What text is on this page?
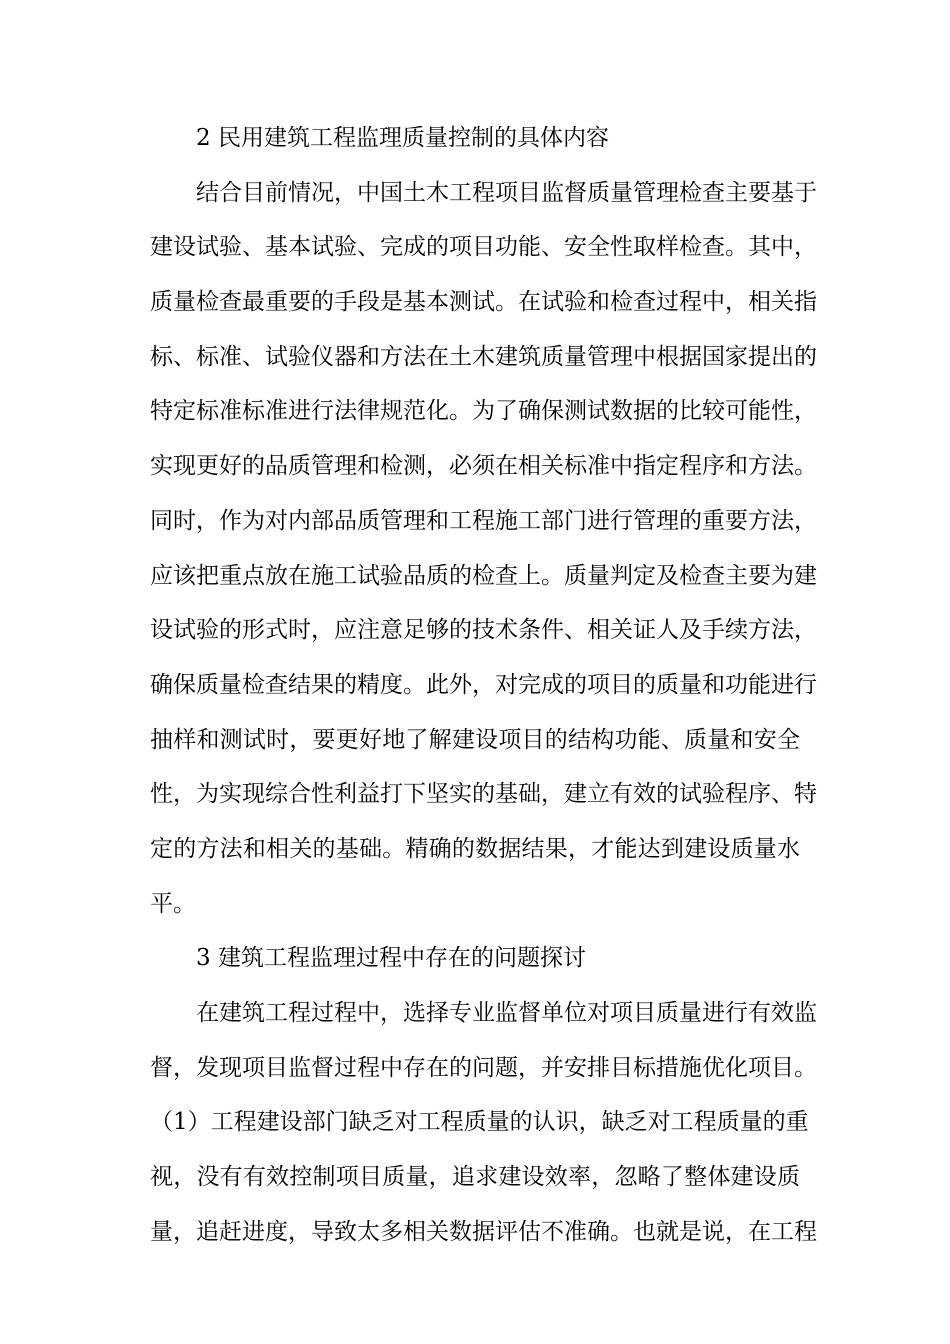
2 民用建筑工程监理质量控制的具体内容
结合目前情况，中国土木工程项目监督质量管理检查主要基于
建设试验、基本试验、完成的项目功能、安全性取样检查。其中，
质量检查最重要的手段是基本测试。在试验和检查过程中，相关指
标、标准、试验仪器和方法在土木建筑质量管理中根据国家提出的
特定标准标准进行法律规范化。为了确保测试数据的比较可能性，
实现更好的品质管理和检测，必须在相关标准中指定程序和方法。
同时，作为对内部品质管理和工程施工部门进行管理的重要方法，
应该把重点放在施工试验品质的检查上。质量判定及检查主要为建
设试验的形式时，应注意足够的技术条件、相关证人及手续方法，
确保质量检查结果的精度。此外，对完成的项目的质量和功能进行
抽样和测试时，要更好地了解建设项目的结构功能、质量和安全
性，为实现综合性利益打下坚实的基础，建立有效的试验程序、特
定的方法和相关的基础。精确的数据结果，才能达到建设质量水
平。
3 建筑工程监理过程中存在的问题探讨
在建筑工程过程中，选择专业监督单位对项目质量进行有效监
督，发现项目监督过程中存在的问题，并安排目标措施优化项目。
（1）工程建设部门缺乏对工程质量的认识，缺乏对工程质量的重
视，没有有效控制项目质量，追求建设效率，忽略了整体建设质
量，追赶进度，导致太多相关数据评估不准确。也就是说，在工程
